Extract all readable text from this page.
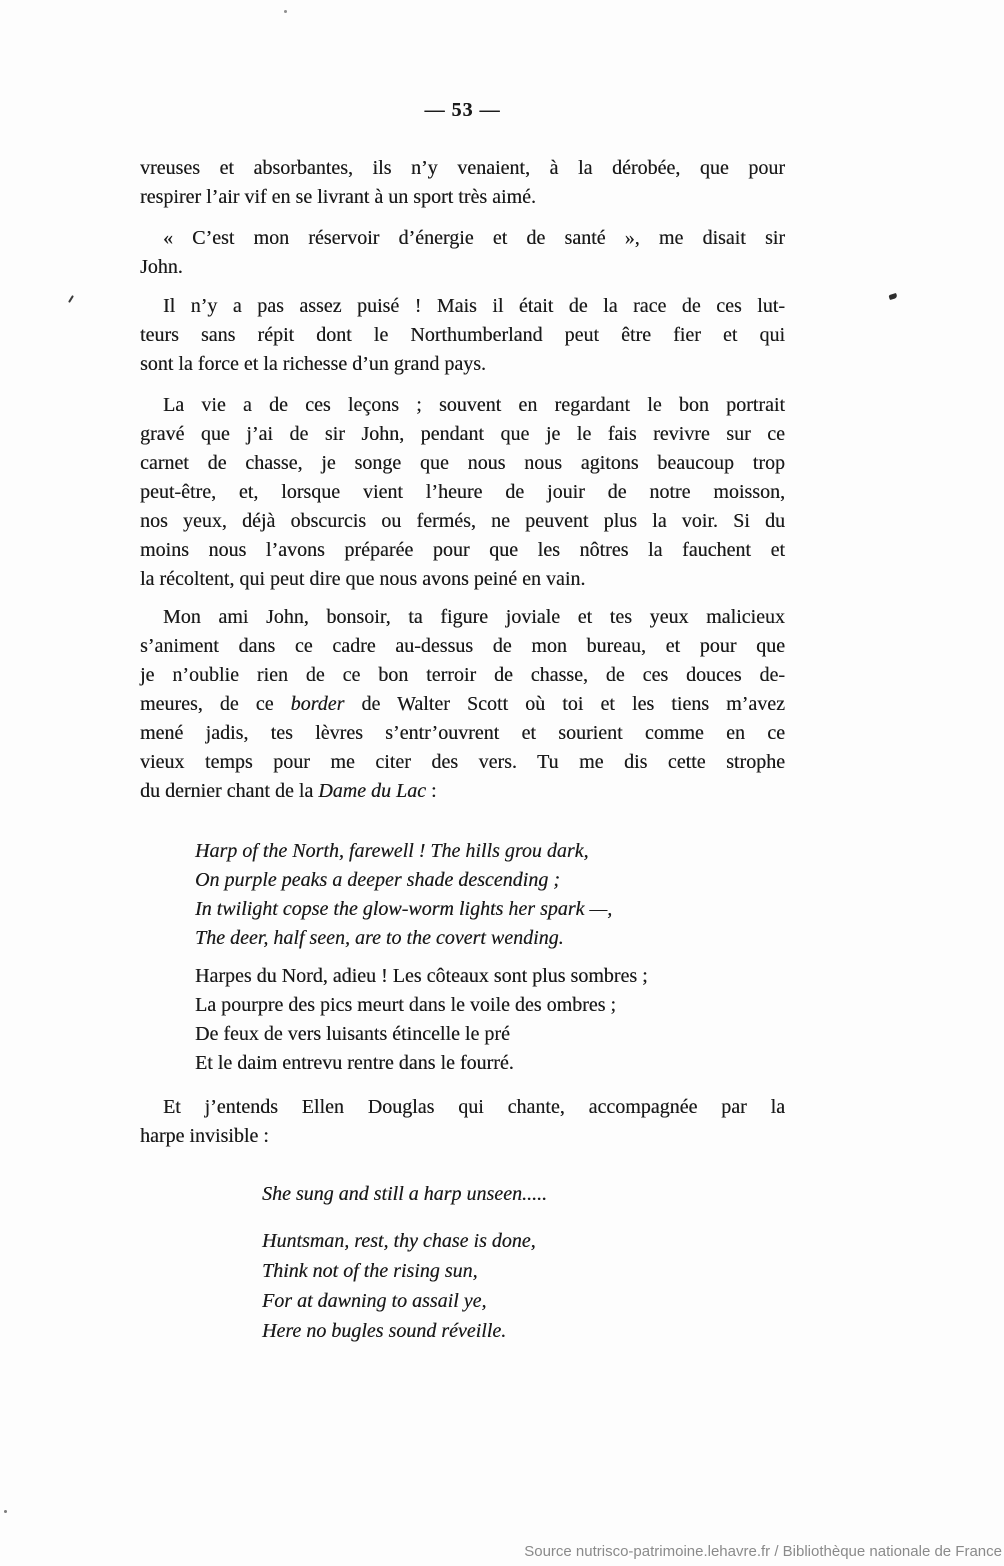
— 53 —
vreuses et absorbantes, ils n’y venaient, à la dérobée, que pour
respirer l’air vif en se livrant à un sport très aimé.
« C’est mon réservoir d’énergie et de santé », me disait sir
John.
Il n’y a pas assez puisé ! Mais il était de la race de ces lut-
teurs sans répit dont le Northumberland peut être fier et qui
sont la force et la richesse d’un grand pays.
La vie a de ces leçons ; souvent en regardant le bon portrait
gravé que j’ai de sir John, pendant que je le fais revivre sur ce
carnet de chasse, je songe que nous nous agitons beaucoup trop
peut-être, et, lorsque vient l’heure de jouir de notre moisson,
nos yeux, déjà obscurcis ou fermés, ne peuvent plus la voir. Si du
moins nous l’avons préparée pour que les nôtres la fauchent et
la récoltent, qui peut dire que nous avons peiné en vain.
Mon ami John, bonsoir, ta figure joviale et tes yeux malicieux
s’animent dans ce cadre au-dessus de mon bureau, et pour que
je n’oublie rien de ce bon terroir de chasse, de ces douces de-
meures, de ce border de Walter Scott où toi et les tiens m’avez
mené jadis, tes lèvres s’entr’ouvrent et sourient comme en ce
vieux temps pour me citer des vers. Tu me dis cette strophe
du dernier chant de la Dame du Lac :
Harp of the North, farewell ! The hills grou dark,
On purple peaks a deeper shade descending ;
In twilight copse the glow-worm lights her spark —,
The deer, half seen, are to the covert wending.
Harpes du Nord, adieu ! Les côteaux sont plus sombres ;
La pourpre des pics meurt dans le voile des ombres ;
De feux de vers luisants étincelle le pré
Et le daim entrevu rentre dans le fourré.
Et j’entends Ellen Douglas qui chante, accompagnée par la
harpe invisible :
She sung and still a harp unseen.....
Huntsman, rest, thy chase is done,
Think not of the rising sun,
For at dawning to assail ye,
Here no bugles sound réveille.
Source nutrisco-patrimoine.lehavre.fr / Bibliothèque nationale de France
